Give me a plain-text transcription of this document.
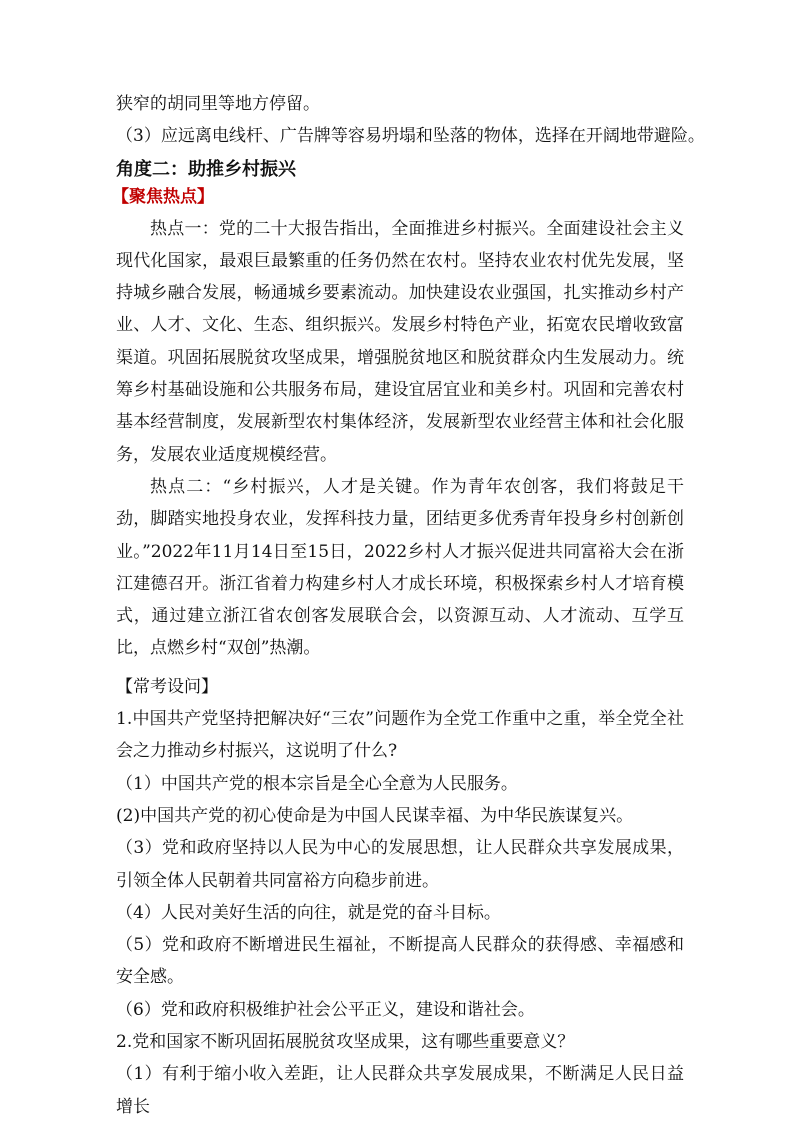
狭窄的胡同里等地方停留。
（3）应远离电线杆、广告牌等容易坍塌和坠落的物体，选择在开阔地带避险。
角度二：助推乡村振兴
【聚焦热点】
热点一：党的二十大报告指出，全面推进乡村振兴。全面建设社会主义现代化国家，最艰巨最繁重的任务仍然在农村。坚持农业农村优先发展，坚持城乡融合发展，畅通城乡要素流动。加快建设农业强国，扎实推动乡村产业、人才、文化、生态、组织振兴。发展乡村特色产业，拓宽农民增收致富渠道。巩固拓展脱贫攻坚成果，增强脱贫地区和脱贫群众内生发展动力。统筹乡村基础设施和公共服务布局，建设宜居宜业和美乡村。巩固和完善农村基本经营制度，发展新型农村集体经济，发展新型农业经营主体和社会化服务，发展农业适度规模经营。
热点二：“乡村振兴，人才是关键。作为青年农创客，我们将鼓足干劲，脚踏实地投身农业，发挥科技力量，团结更多优秀青年投身乡村创新创业。”2022年11月14日至15日，2022乡村人才振兴促进共同富裕大会在浙江建德召开。浙江省着力构建乡村人才成长环境，积极探索乡村人才培育模式，通过建立浙江省农创客发展联合会，以资源互动、人才流动、互学互比，点燃乡村“双创”热潮。
【常考设问】
1.中国共产党坚持把解决好“三农”问题作为全党工作重中之重，举全党全社会之力推动乡村振兴，这说明了什么?
（1）中国共产党的根本宗旨是全心全意为人民服务。
(2)中国共产党的初心使命是为中国人民谋幸福、为中华民族谋复兴。
（3）党和政府坚持以人民为中心的发展思想，让人民群众共享发展成果，引领全体人民朝着共同富裕方向稳步前进。
（4）人民对美好生活的向往，就是党的奋斗目标。
（5）党和政府不断增进民生福祉，不断提高人民群众的获得感、幸福感和安全感。
（6）党和政府积极维护社会公平正义，建设和谐社会。
2.党和国家不断巩固拓展脱贫攻坚成果，这有哪些重要意义？
（1）有利于缩小收入差距，让人民群众共享发展成果，不断满足人民日益增长
